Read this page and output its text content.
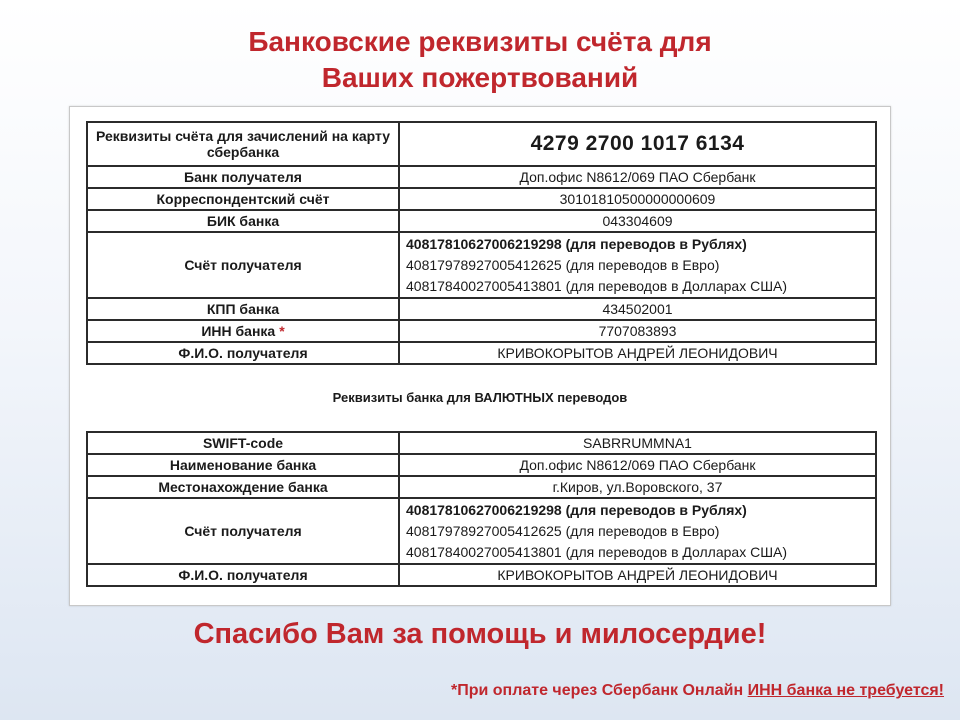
Банковские реквизиты счёта для
Ваших пожертвований
Реквизиты счёта для зачислений на карту сбербанка	4279 2700 1017 6134
Банк получателя	Доп.офис N8612/069 ПАО Сбербанк
Корреспондентский счёт	30101810500000000609
БИК банка	043304609
Счёт получателя	40817810627006219298 (для переводов в Рублях)
40817978927005412625 (для переводов в Евро)
40817840027005413801 (для переводов в Долларах США)

КПП банка	434502001
ИНН банка *	7707083893
Ф.И.О. получателя	КРИВОКОРЫТОВ АНДРЕЙ ЛЕОНИДОВИЧ
Реквизиты банка для ВАЛЮТНЫХ переводов
SWIFT-code	SABRRUMMNA1
Наименование банка	Доп.офис N8612/069 ПАО Сбербанк
Местонахождение банка	г.Киров, ул.Воровского, 37
Счёт получателя	40817810627006219298 (для переводов в Рублях)
40817978927005412625 (для переводов в Евро)
40817840027005413801 (для переводов в Долларах США)

Ф.И.О. получателя	КРИВОКОРЫТОВ АНДРЕЙ ЛЕОНИДОВИЧ
Спасибо Вам за помощь и милосердие!
*При оплате через Сбербанк Онлайн ИНН банка не требуется!
